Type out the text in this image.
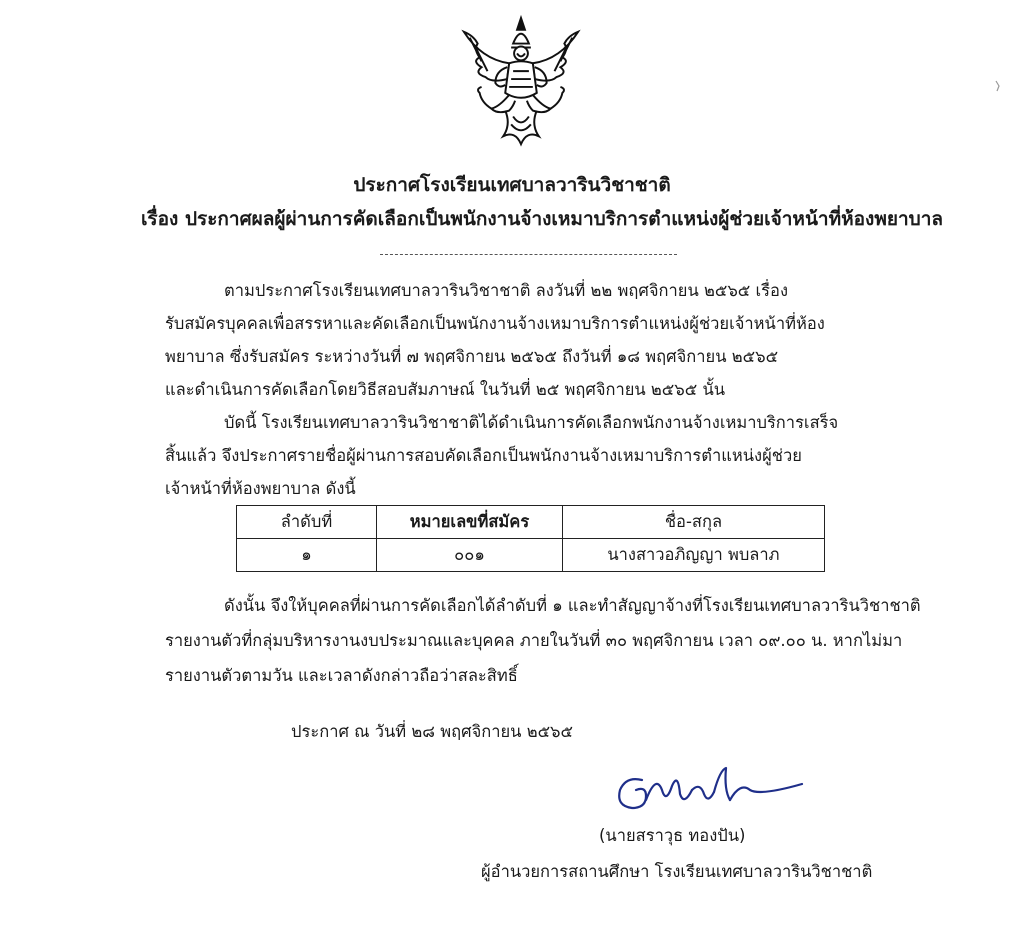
ประกาศโรงเรียนเทศบาลวารินวิชาชาติ
เรื่อง ประกาศผลผู้ผ่านการคัดเลือกเป็นพนักงานจ้างเหมาบริการตำแหน่งผู้ช่วยเจ้าหน้าที่ห้องพยาบาล
ตามประกาศโรงเรียนเทศบาลวารินวิชาชาติ ลงวันที่ ๒๒ พฤศจิกายน ๒๕๖๕ เรื่อง
รับสมัครบุคคลเพื่อสรรหาและคัดเลือกเป็นพนักงานจ้างเหมาบริการตำแหน่งผู้ช่วยเจ้าหน้าที่ห้อง
พยาบาล ซึ่งรับสมัคร ระหว่างวันที่ ๗ พฤศจิกายน ๒๕๖๕ ถึงวันที่ ๑๘ พฤศจิกายน ๒๕๖๕
และดำเนินการคัดเลือกโดยวิธีสอบสัมภาษณ์ ในวันที่ ๒๕ พฤศจิกายน ๒๕๖๕ นั้น
บัดนี้ โรงเรียนเทศบาลวารินวิชาชาติได้ดำเนินการคัดเลือกพนักงานจ้างเหมาบริการเสร็จ
สิ้นแล้ว จึงประกาศรายชื่อผู้ผ่านการสอบคัดเลือกเป็นพนักงานจ้างเหมาบริการตำแหน่งผู้ช่วย
เจ้าหน้าที่ห้องพยาบาล ดังนี้
ลำดับที่	หมายเลขที่สมัคร	ชื่อ-สกุล
๑	๐๐๑	นางสาวอภิญญา พบลาภ
ดังนั้น จึงให้บุคคลที่ผ่านการคัดเลือกได้ลำดับที่ ๑ และทำสัญญาจ้างที่โรงเรียนเทศบาลวารินวิชาชาติ
รายงานตัวที่กลุ่มบริหารงานงบประมาณและบุคคล ภายในวันที่ ๓๐ พฤศจิกายน เวลา ๐๙.๐๐ น. หากไม่มา
รายงานตัวตามวัน และเวลาดังกล่าวถือว่าสละสิทธิ์
ประกาศ ณ วันที่ ๒๘ พฤศจิกายน ๒๕๖๕
(นายสราวุธ ทองปัน)
ผู้อำนวยการสถานศึกษา โรงเรียนเทศบาลวารินวิชาชาติ
